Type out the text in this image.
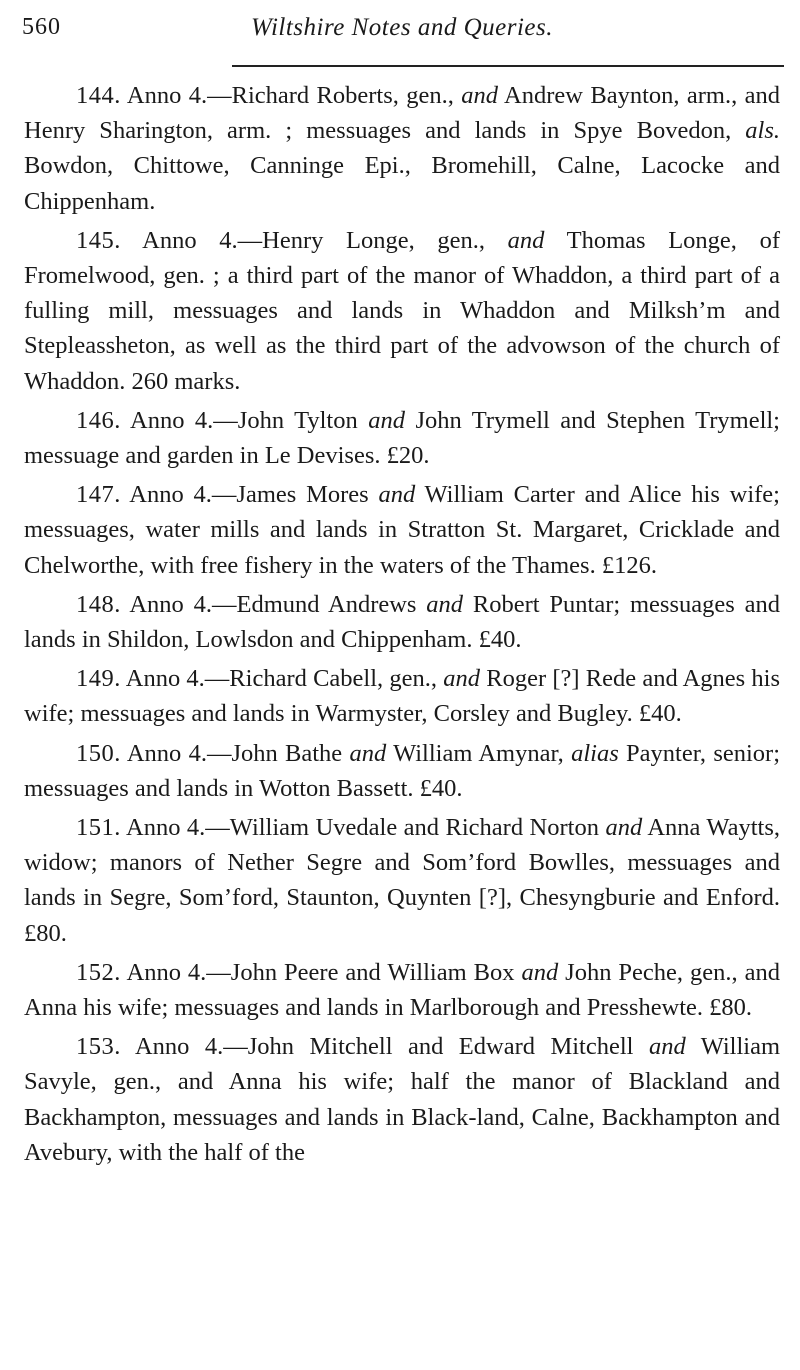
560	Wiltshire Notes and Queries.

144. Anno 4.—Richard Roberts, gen., and Andrew Baynton, arm., and Henry Sharington, arm. ; messuages and lands in Spye Bovedon, als. Bowdon, Chittowe, Canninge Epi., Bromehill, Calne, Lacocke and Chippenham.

145. Anno 4.—Henry Longe, gen., and Thomas Longe, of Fromelwood, gen. ; a third part of the manor of Whaddon, a third part of a fulling mill, messuages and lands in Whaddon and Milksh’m and Stepleassheton, as well as the third part of the advowson of the church of Whaddon. 260 marks.

146. Anno 4.—John Tylton and John Trymell and Stephen Trymell; messuage and garden in Le Devises. £20.

147. Anno 4.—James Mores and William Carter and Alice his wife; messuages, water mills and lands in Stratton St. Margaret, Cricklade and Chelworthe, with free fishery in the waters of the Thames. £126.

148. Anno 4.—Edmund Andrews and Robert Puntar; messuages and lands in Shildon, Lowlsdon and Chippenham. £40.

149. Anno 4.—Richard Cabell, gen., and Roger [?] Rede and Agnes his wife; messuages and lands in Warmyster, Corsley and Bugley. £40.

150. Anno 4.—John Bathe and William Amynar, alias Paynter, senior; messuages and lands in Wotton Bassett. £40.

151. Anno 4.—William Uvedale and Richard Norton and Anna Waytts, widow; manors of Nether Segre and Som’ford Bowlles, messuages and lands in Segre, Som’ford, Staunton, Quynten [?], Chesyngburie and Enford. £80.

152. Anno 4.—John Peere and William Box and John Peche, gen., and Anna his wife; messuages and lands in Marlborough and Presshewte. £80.

153. Anno 4.—John Mitchell and Edward Mitchell and William Savyle, gen., and Anna his wife; half the manor of Blackland and Backhampton, messuages and lands in Black-land, Calne, Backhampton and Avebury, with the half of the
